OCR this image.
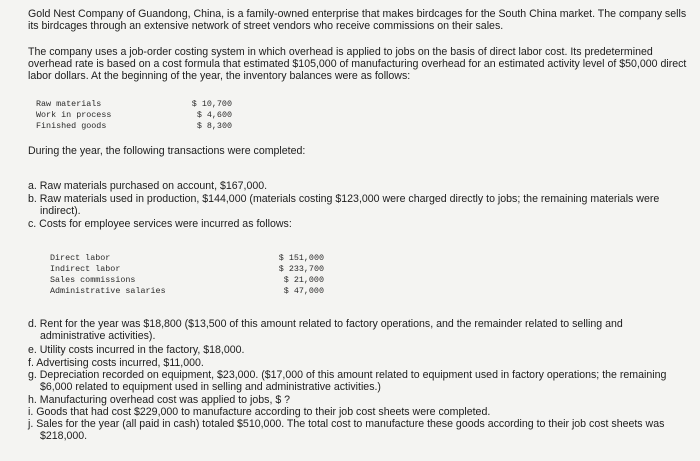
Gold Nest Company of Guandong, China, is a family-owned enterprise that makes birdcages for the South China market. The company sells its birdcages through an extensive network of street vendors who receive commissions on their sales.

The company uses a job-order costing system in which overhead is applied to jobs on the basis of direct labor cost. Its predetermined overhead rate is based on a cost formula that estimated $105,000 of manufacturing overhead for an estimated activity level of $50,000 direct labor dollars. At the beginning of the year, the inventory balances were as follows:

Raw materials	$ 10,700
Work in process	$ 4,600
Finished goods	$ 8,300

During the year, the following transactions were completed:

a. Raw materials purchased on account, $167,000.

b. Raw materials used in production, $144,000 (materials costing $123,000 were charged directly to jobs; the remaining materials were indirect).

c. Costs for employee services were incurred as follows:

Direct labor	$ 151,000
Indirect labor	$ 233,700
Sales commissions	$ 21,000
Administrative salaries	$ 47,000

d. Rent for the year was $18,800 ($13,500 of this amount related to factory operations, and the remainder related to selling and administrative activities).

e. Utility costs incurred in the factory, $18,000.

f. Advertising costs incurred, $11,000.

g. Depreciation recorded on equipment, $23,000. ($17,000 of this amount related to equipment used in factory operations; the remaining $6,000 related to equipment used in selling and administrative activities.)

h. Manufacturing overhead cost was applied to jobs, $ ?

i. Goods that had cost $229,000 to manufacture according to their job cost sheets were completed.

j. Sales for the year (all paid in cash) totaled $510,000. The total cost to manufacture these goods according to their job cost sheets was $218,000.
